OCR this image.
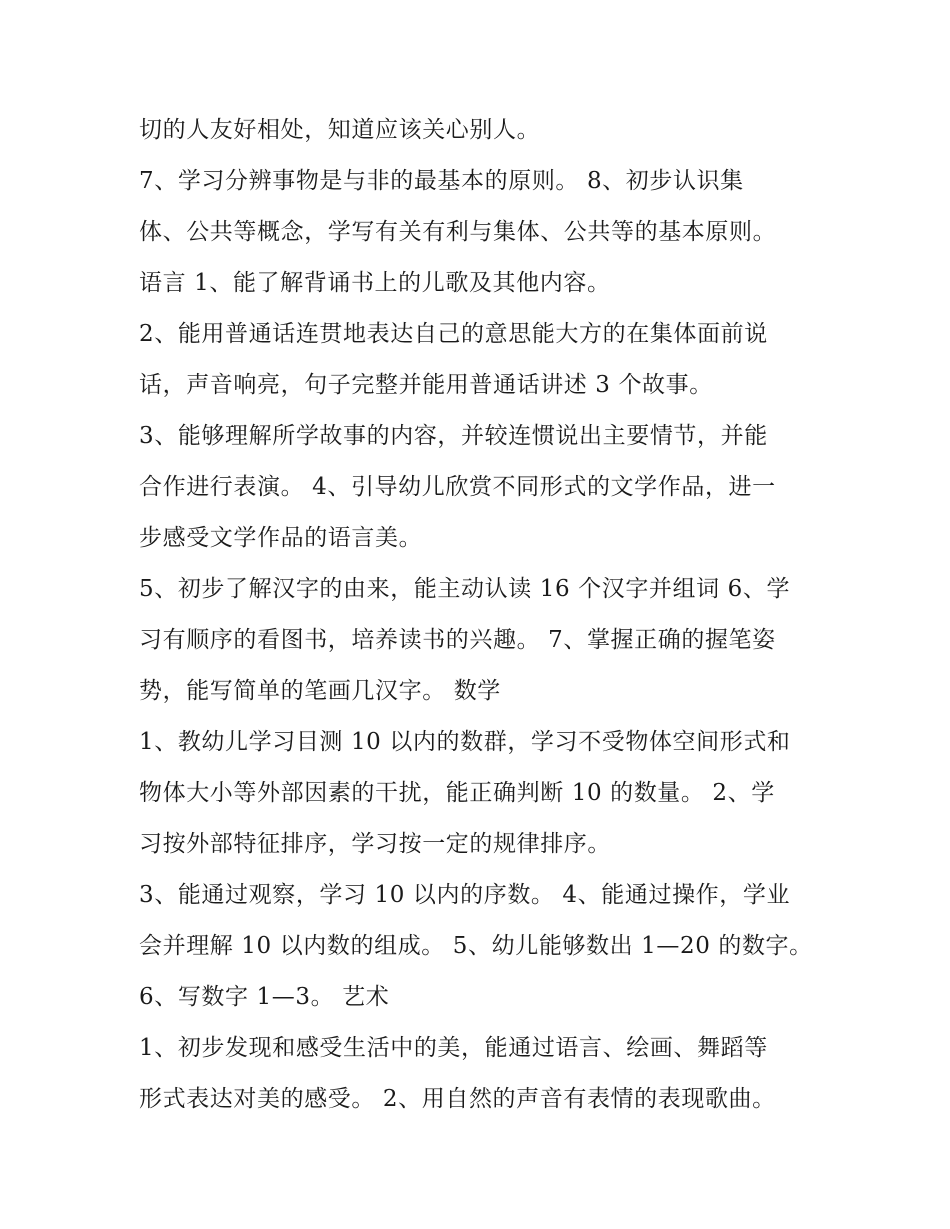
切的人友好相处，知道应该关心别人。
7、学习分辨事物是与非的最基本的原则。 8、初步认识集
体、公共等概念，学写有关有利与集体、公共等的基本原则。
语言 1、能了解背诵书上的儿歌及其他内容。
2、能用普通话连贯地表达自己的意思能大方的在集体面前说
话，声音响亮，句子完整并能用普通话讲述 3 个故事。
3、能够理解所学故事的内容，并较连惯说出主要情节，并能
合作进行表演。 4、引导幼儿欣赏不同形式的文学作品，进一
步感受文学作品的语言美。
5、初步了解汉字的由来，能主动认读 16 个汉字并组词 6、学
习有顺序的看图书，培养读书的兴趣。 7、掌握正确的握笔姿
势，能写简单的笔画几汉字。 数学
1、教幼儿学习目测 10 以内的数群，学习不受物体空间形式和
物体大小等外部因素的干扰，能正确判断 10 的数量。 2、学
习按外部特征排序，学习按一定的规律排序。
3、能通过观察，学习 10 以内的序数。 4、能通过操作，学业
会并理解 10 以内数的组成。 5、幼儿能够数出 1—20 的数字。
6、写数字 1—3。 艺术
1、初步发现和感受生活中的美，能通过语言、绘画、舞蹈等
形式表达对美的感受。 2、用自然的声音有表情的表现歌曲。
